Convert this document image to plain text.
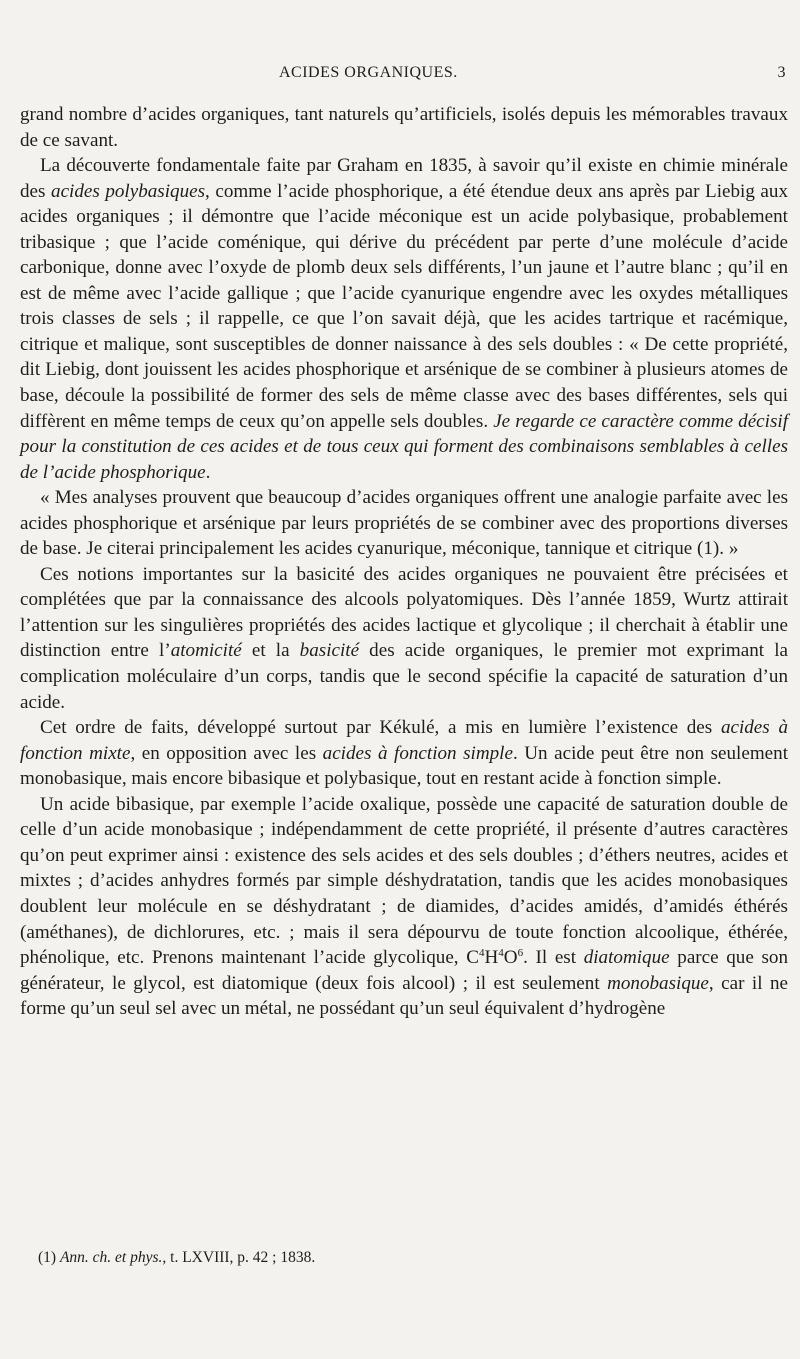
ACIDES ORGANIQUES.	3

grand nombre d’acides organiques, tant naturels qu’artificiels, isolés depuis les mémorables travaux de ce savant.

La découverte fondamentale faite par Graham en 1835, à savoir qu’il existe en chimie minérale des acides polybasiques, comme l’acide phosphorique, a été étendue deux ans après par Liebig aux acides organiques ; il démontre que l’acide méconique est un acide polybasique, probablement tribasique ; que l’acide coménique, qui dérive du précédent par perte d’une molécule d’acide carbonique, donne avec l’oxyde de plomb deux sels différents, l’un jaune et l’autre blanc ; qu’il en est de même avec l’acide gallique ; que l’acide cyanurique engendre avec les oxydes métalliques trois classes de sels ; il rappelle, ce que l’on savait déjà, que les acides tartrique et racémique, citrique et malique, sont susceptibles de donner naissance à des sels doubles : « De cette propriété, dit Liebig, dont jouissent les acides phosphorique et arsénique de se combiner à plusieurs atomes de base, découle la possibilité de former des sels de même classe avec des bases différentes, sels qui diffèrent en même temps de ceux qu’on appelle sels doubles. Je regarde ce caractère comme décisif pour la constitution de ces acides et de tous ceux qui forment des combinaisons semblables à celles de l’acide phosphorique.

« Mes analyses prouvent que beaucoup d’acides organiques offrent une analogie parfaite avec les acides phosphorique et arsénique par leurs propriétés de se combiner avec des proportions diverses de base. Je citerai principalement les acides cyanurique, méconique, tannique et citrique (1). »

Ces notions importantes sur la basicité des acides organiques ne pouvaient être précisées et complétées que par la connaissance des alcools polyatomiques. Dès l’année 1859, Wurtz attirait l’attention sur les singulières propriétés des acides lactique et glycolique ; il cherchait à établir une distinction entre l’atomicité et la basicité des acide organiques, le premier mot exprimant la complication moléculaire d’un corps, tandis que le second spécifie la capacité de saturation d’un acide.

Cet ordre de faits, développé surtout par Kékulé, a mis en lumière l’existence des acides à fonction mixte, en opposition avec les acides à fonction simple. Un acide peut être non seulement monobasique, mais encore bibasique et polybasique, tout en restant acide à fonction simple.

Un acide bibasique, par exemple l’acide oxalique, possède une capacité de saturation double de celle d’un acide monobasique ; indépendamment de cette propriété, il présente d’autres caractères qu’on peut exprimer ainsi : existence des sels acides et des sels doubles ; d’éthers neutres, acides et mixtes ; d’acides anhydres formés par simple déshydratation, tandis que les acides monobasiques doublent leur molécule en se déshydratant ; de diamides, d’acides amidés, d’amidés éthérés (améthanes), de dichlorures, etc. ; mais il sera dépourvu de toute fonction alcoolique, éthérée, phénolique, etc. Prenons maintenant l’acide glycolique, $C^4H^4O^6$. Il est diatomique parce que son générateur, le glycol, est diatomique (deux fois alcool) ; il est seulement monobasique, car il ne forme qu’un seul sel avec un métal, ne possédant qu’un seul équivalent d’hydrogène

(1) Ann. ch. et phys., t. LXVIII, p. 42 ; 1838.
